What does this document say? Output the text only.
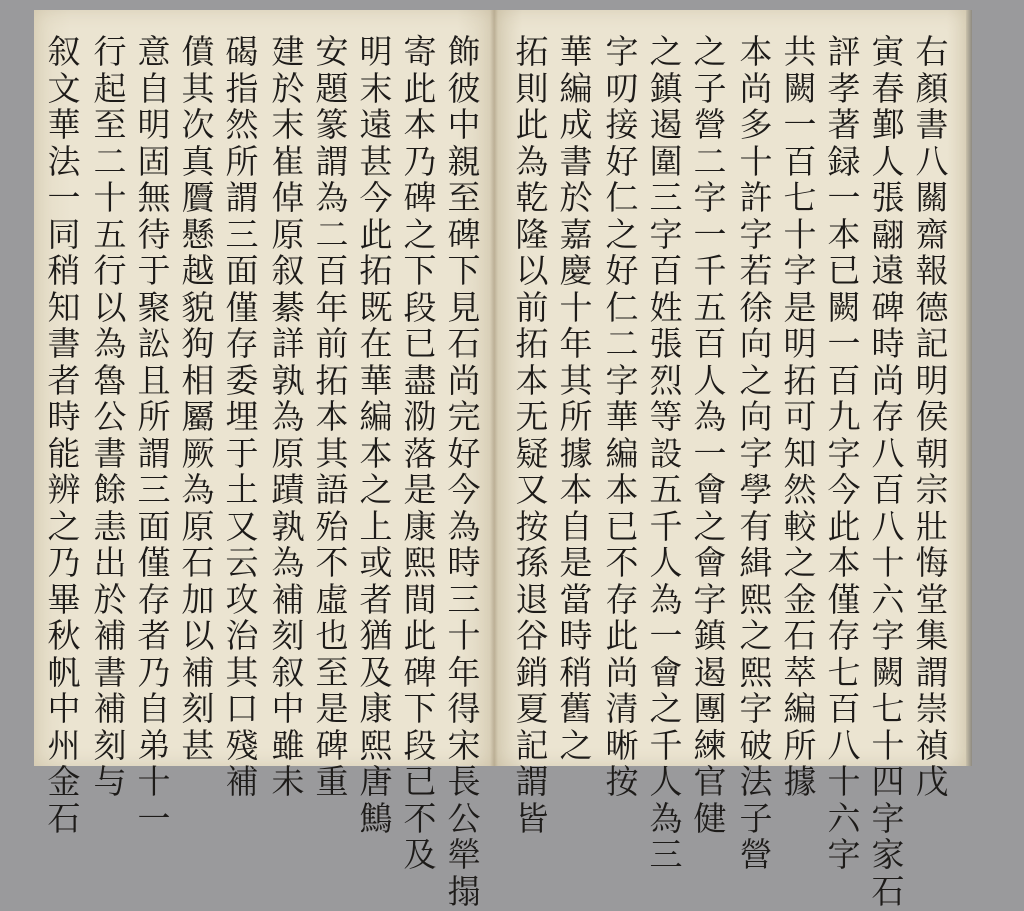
叙文華法一同稍知書者時能辨之乃畢秋帆中州金石
行起至二十五行以為魯公書餘恚出於補書補刻与
意自明固無待于聚訟且所謂三面僅存者乃自弟十一
僨其次真贗懸越貌狗相屬厥為原石加以補刻甚
碣指然所謂三面僅存委埋于土又云攻治其口殘補
建於末崔倬原叙綦詳孰為原蹟孰為補刻叙中雖未
安題篆謂為二百年前拓本其語殆不虛也至是碑重
明末遠甚今此拓既在華編本之上或者猶及康熙唐鷦
寄此本乃碑之下段已盡泐落是康熙間此碑下段已不及
飾彼中親至碑下見石尚完好今為時三十年得宋長公犖搨
拓則此為乾隆以前拓本无疑又按孫退谷銷夏記謂皆
華編成書於嘉慶十年其所據本自是當時稍舊之
字叨接好仁之好仁二字華編本已不存此尚清晰按
之鎮遏圍三字百姓張烈等設五千人為一會之千人為三
之子營二字一千五百人為一會之會字鎮遏團練官健
本尚多十許字若徐向之向字學有緝熙之熙字破法子營
共闕一百七十字是明拓可知然較之金石萃編所據
評孝著録一本已闕一百九字今此本僅存七百八十六字
寅春鄞人張翮遠碑時尚存八百八十六字闕七十四字家石
右顏書八關齋報德記明侯朝宗壯悔堂集謂崇禎戊
